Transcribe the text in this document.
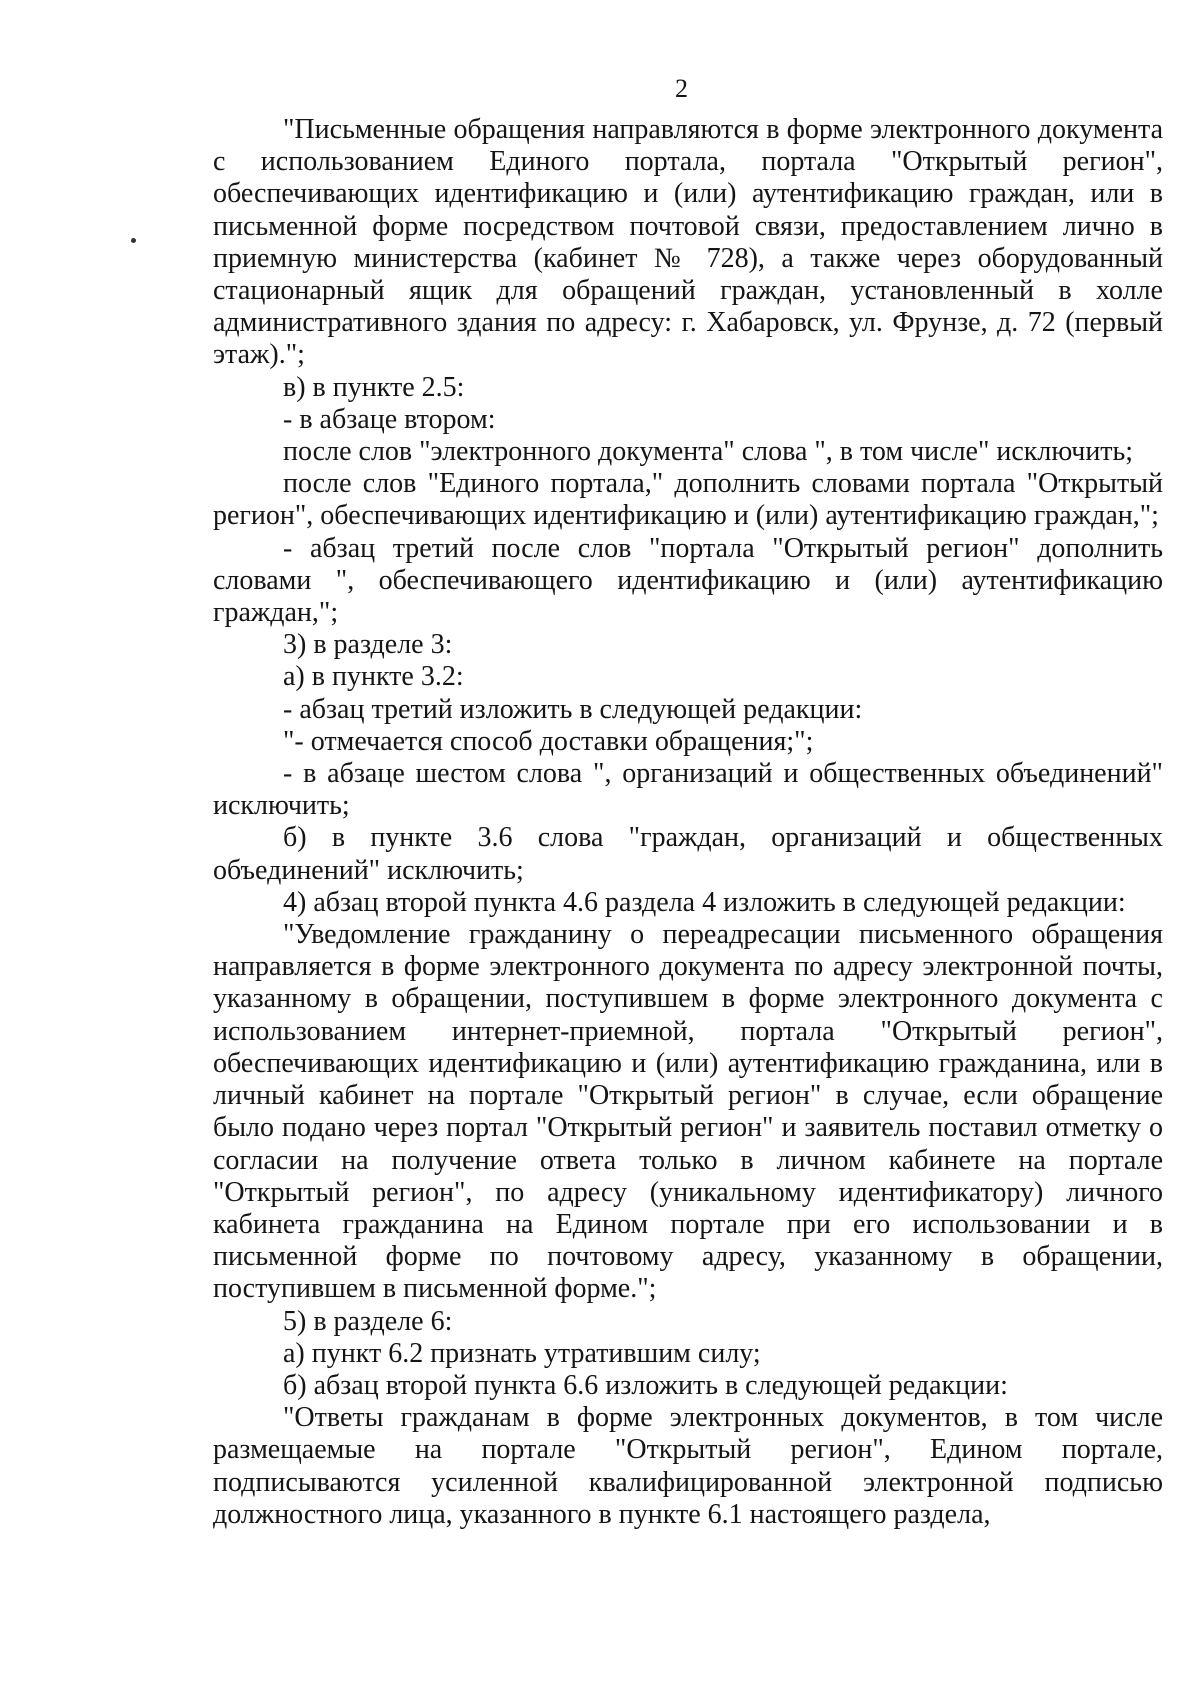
2

"Письменные обращения направляются в форме электронного документа с использованием Единого портала, портала "Открытый регион", обеспечивающих идентификацию и (или) аутентификацию граждан, или в письменной форме посредством почтовой связи, предоставлением лично в приемную министерства (кабинет № 728), а также через оборудованный стационарный ящик для обращений граждан, установленный в холле административного здания по адресу: г. Хабаровск, ул. Фрунзе, д. 72 (первый этаж).";

в) в пункте 2.5:

- в абзаце втором:

после слов "электронного документа" слова ", в том числе" исключить;

после слов "Единого портала," дополнить словами портала "Открытый регион", обеспечивающих идентификацию и (или) аутентификацию граждан,";

- абзац третий после слов "портала "Открытый регион" дополнить словами ", обеспечивающего идентификацию и (или) аутентификацию граждан,";

3) в разделе 3:

а) в пункте 3.2:

- абзац третий изложить в следующей редакции:

"- отмечается способ доставки обращения;";

- в абзаце шестом слова ", организаций и общественных объединений" исключить;

б) в пункте 3.6 слова "граждан, организаций и общественных объединений" исключить;

4) абзац второй пункта 4.6 раздела 4 изложить в следующей редакции:

"Уведомление гражданину о переадресации письменного обращения направляется в форме электронного документа по адресу электронной почты, указанному в обращении, поступившем в форме электронного документа с использованием интернет-приемной, портала "Открытый регион", обеспечивающих идентификацию и (или) аутентификацию гражданина, или в личный кабинет на портале "Открытый регион" в случае, если обращение было подано через портал "Открытый регион" и заявитель поставил отметку о согласии на получение ответа только в личном кабинете на портале "Открытый регион", по адресу (уникальному идентификатору) личного кабинета гражданина на Едином портале при его использовании и в письменной форме по почтовому адресу, указанному в обращении, поступившем в письменной форме.";

5) в разделе 6:

а) пункт 6.2 признать утратившим силу;

б) абзац второй пункта 6.6 изложить в следующей редакции:

"Ответы гражданам в форме электронных документов, в том числе размещаемые на портале "Открытый регион", Едином портале, подписываются усиленной квалифицированной электронной подписью должностного лица, указанного в пункте 6.1 настоящего раздела,
